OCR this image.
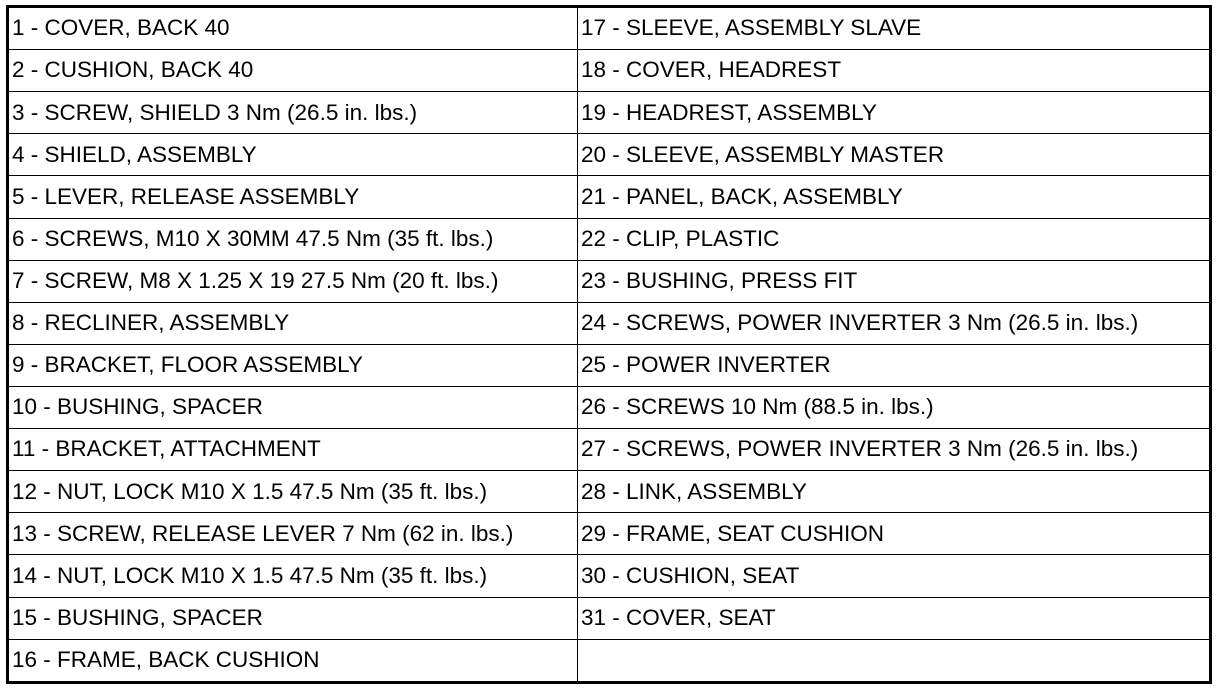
1 - COVER, BACK 40	17 - SLEEVE, ASSEMBLY SLAVE
2 - CUSHION, BACK 40	18 - COVER, HEADREST
3 - SCREW, SHIELD 3 Nm (26.5 in. lbs.)	19 - HEADREST, ASSEMBLY
4 - SHIELD, ASSEMBLY	20 - SLEEVE, ASSEMBLY MASTER
5 - LEVER, RELEASE ASSEMBLY	21 - PANEL, BACK, ASSEMBLY
6 - SCREWS, M10 X 30MM 47.5 Nm (35 ft. lbs.)	22 - CLIP, PLASTIC
7 - SCREW, M8 X 1.25 X 19 27.5 Nm (20 ft. lbs.)	23 - BUSHING, PRESS FIT
8 - RECLINER, ASSEMBLY	24 - SCREWS, POWER INVERTER 3 Nm (26.5 in. lbs.)
9 - BRACKET, FLOOR ASSEMBLY	25 - POWER INVERTER
10 - BUSHING, SPACER	26 - SCREWS 10 Nm (88.5 in. lbs.)
11 - BRACKET, ATTACHMENT	27 - SCREWS, POWER INVERTER 3 Nm (26.5 in. lbs.)
12 - NUT, LOCK M10 X 1.5 47.5 Nm (35 ft. lbs.)	28 - LINK, ASSEMBLY
13 - SCREW, RELEASE LEVER 7 Nm (62 in. lbs.)	29 - FRAME, SEAT CUSHION
14 - NUT, LOCK M10 X 1.5 47.5 Nm (35 ft. lbs.)	30 - CUSHION, SEAT
15 - BUSHING, SPACER	31 - COVER, SEAT
16 - FRAME, BACK CUSHION	
